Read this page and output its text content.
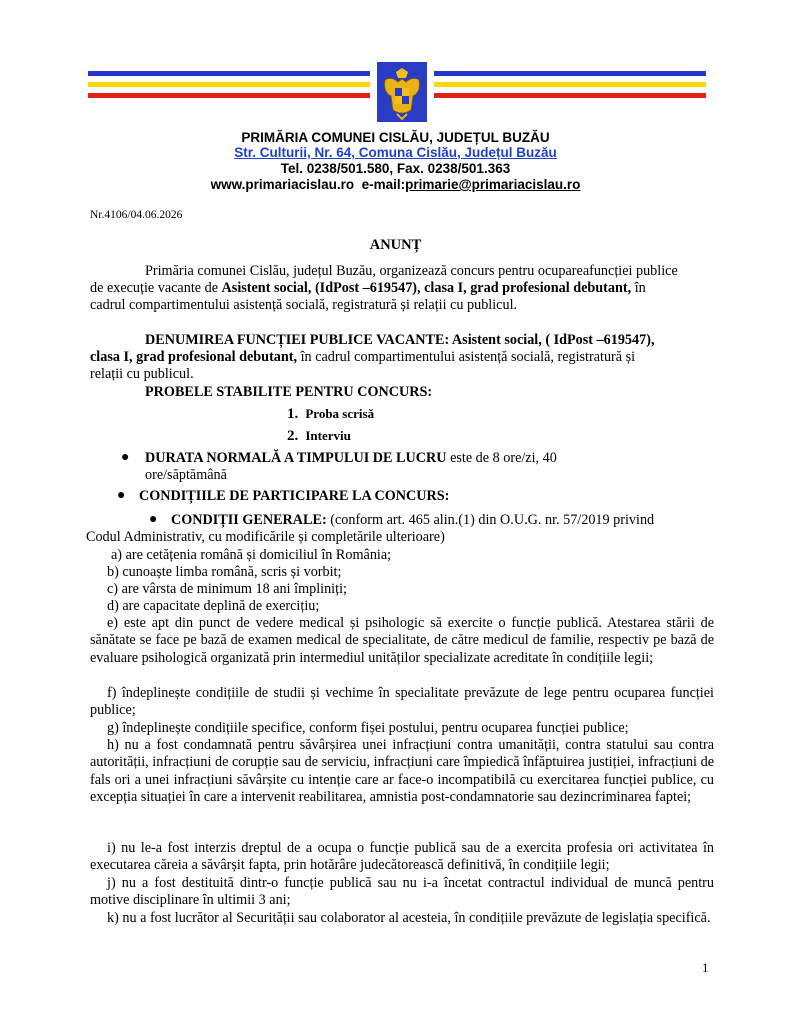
PRIMĂRIA COMUNEI CISLĂU, JUDEȚUL BUZĂU
Str. Culturii, Nr. 64, Comuna Cislău, Județul Buzău
Tel. 0238/501.580, Fax. 0238/501.363
www.primariacislau.ro e-mail:primarie@primariacislau.ro
Nr.4106/04.06.2026
ANUNȚ
Primăria comunei Cislău, județul Buzău, organizează concurs pentru ocupareafuncției publice
de execuție vacante de Asistent social, (IdPost –619547), clasa I, grad profesional debutant, în
cadrul compartimentului asistență socială, registratură și relații cu publicul.
DENUMIREA FUNCȚIEI PUBLICE VACANTE: Asistent social, ( IdPost –619547),
clasa I, grad profesional debutant, în cadrul compartimentului asistență socială, registratură și
relații cu publicul.
PROBELE STABILITE PENTRU CONCURS:
1. Proba scrisă
2. Interviu
● DURATA NORMALĂ A TIMPULUI DE LUCRU este de 8 ore/zi, 40
ore/săptămână
● CONDIȚIILE DE PARTICIPARE LA CONCURS:
● CONDIȚII GENERALE: (conform art. 465 alin.(1) din O.U.G. nr. 57/2019 privind
Codul Administrativ, cu modificările și completările ulterioare)
a) are cetățenia română și domiciliul în România;
b) cunoaște limba română, scris și vorbit;
c) are vârsta de minimum 18 ani împliniți;
d) are capacitate deplină de exercițiu;
e) este apt din punct de vedere medical și psihologic să exercite o funcție publică. Atestarea stării de sănătate se face pe bază de examen medical de specialitate, de către medicul de familie, respectiv pe bază de evaluare psihologică organizată prin intermediul unităților specializate acreditate în condițiile legii;
f) îndeplinește condițiile de studii și vechime în specialitate prevăzute de lege pentru ocuparea funcției publice;
g) îndeplinește condițiile specifice, conform fișei postului, pentru ocuparea funcției publice;
h) nu a fost condamnată pentru săvârșirea unei infracțiuni contra umanității, contra statului sau contra autorității, infracțiuni de corupție sau de serviciu, infracțiuni care împiedică înfăptuirea justiției, infracțiuni de fals ori a unei infracțiuni săvârșite cu intenție care ar face-o incompatibilă cu exercitarea funcției publice, cu excepția situației în care a intervenit reabilitarea, amnistia post-condamnatorie sau dezincriminarea faptei;
i) nu le-a fost interzis dreptul de a ocupa o funcție publică sau de a exercita profesia ori activitatea în executarea căreia a săvârșit fapta, prin hotărâre judecătorească definitivă, în condițiile legii;
j) nu a fost destituită dintr-o funcție publică sau nu i-a încetat contractul individual de muncă pentru motive disciplinare în ultimii 3 ani;
k) nu a fost lucrător al Securității sau colaborator al acesteia, în condițiile prevăzute de legislația specifică.
1
